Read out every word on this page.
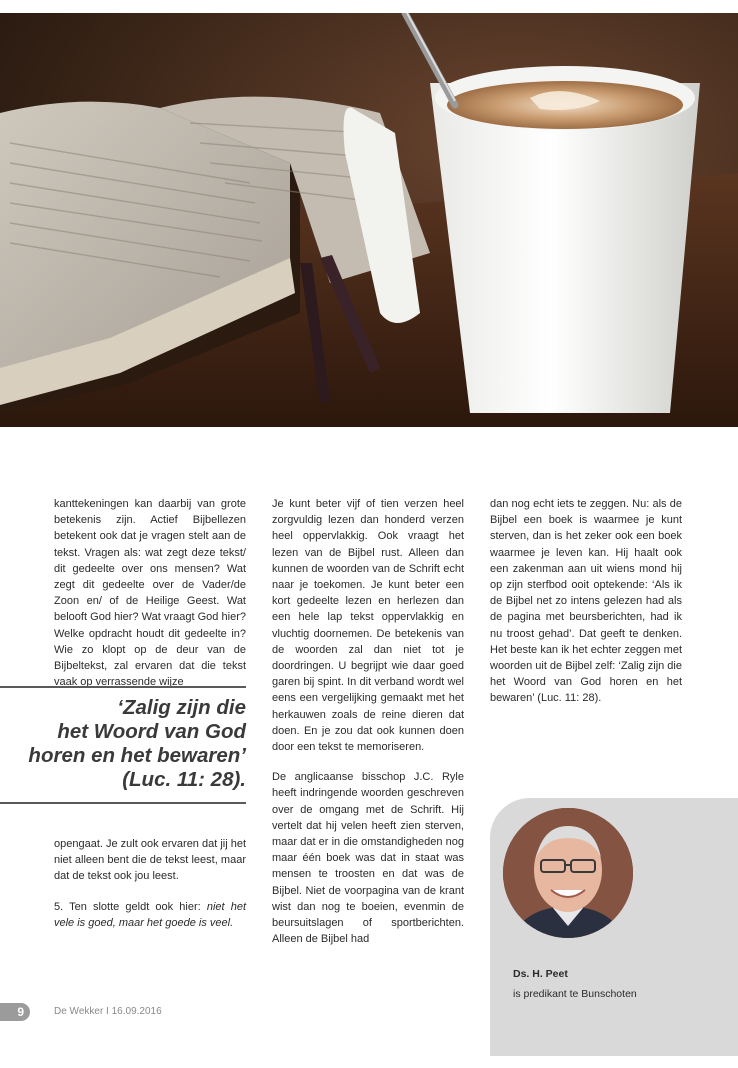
kanttekeningen kan daarbij van grote betekenis zijn. Actief Bijbellezen betekent ook dat je vragen stelt aan de tekst. Vragen als: wat zegt deze tekst/ dit gedeelte over ons mensen? Wat zegt dit gedeelte over de Vader/de Zoon en/ of de Heilige Geest. Wat belooft God hier? Wat vraagt God hier? Welke opdracht houdt dit gedeelte in? Wie zo klopt op de deur van de Bijbeltekst, zal ervaren dat die tekst vaak op verrassende wijze

‘Zalig zijn die
het Woord van God
horen en het bewaren’
(Luc. 11: 28).

opengaat. Je zult ook ervaren dat jij het niet alleen bent die de tekst leest, maar dat de tekst ook jou leest.

5. Ten slotte geldt ook hier: niet het vele is goed, maar het goede is veel.

Je kunt beter vijf of tien verzen heel zorgvuldig lezen dan honderd verzen heel oppervlakkig. Ook vraagt het lezen van de Bijbel rust. Alleen dan kunnen de woorden van de Schrift echt naar je toekomen. Je kunt beter een kort gedeelte lezen en herlezen dan een hele lap tekst oppervlakkig en vluchtig doornemen. De betekenis van de woorden zal dan niet tot je doordringen. U begrijpt wie daar goed garen bij spint. In dit verband wordt wel eens een vergelijking gemaakt met het herkauwen zoals de reine dieren dat doen. En je zou dat ook kunnen doen door een tekst te memoriseren.

De anglicaanse bisschop J.C. Ryle heeft indringende woorden geschreven over de omgang met de Schrift. Hij vertelt dat hij velen heeft zien sterven, maar dat er in die omstandigheden nog maar één boek was dat in staat was mensen te troosten en dat was de Bijbel. Niet de voorpagina van de krant wist dan nog te boeien, evenmin de beursuitslagen of sportberichten. Alleen de Bijbel had

dan nog echt iets te zeggen. Nu: als de Bijbel een boek is waarmee je kunt sterven, dan is het zeker ook een boek waarmee je leven kan. Hij haalt ook een zakenman aan uit wiens mond hij op zijn sterfbod ooit optekende: ‘Als ik de Bijbel net zo intens gelezen had als de pagina met beursberichten, had ik nu troost gehad’. Dat geeft te denken. Het beste kan ik het echter zeggen met woorden uit de Bijbel zelf: ‘Zalig zijn die het Woord van God horen en het bewaren’ (Luc. 11: 28).

Ds. H. Peet
is predikant te Bunschoten
9	De Wekker I 16.09.2016
